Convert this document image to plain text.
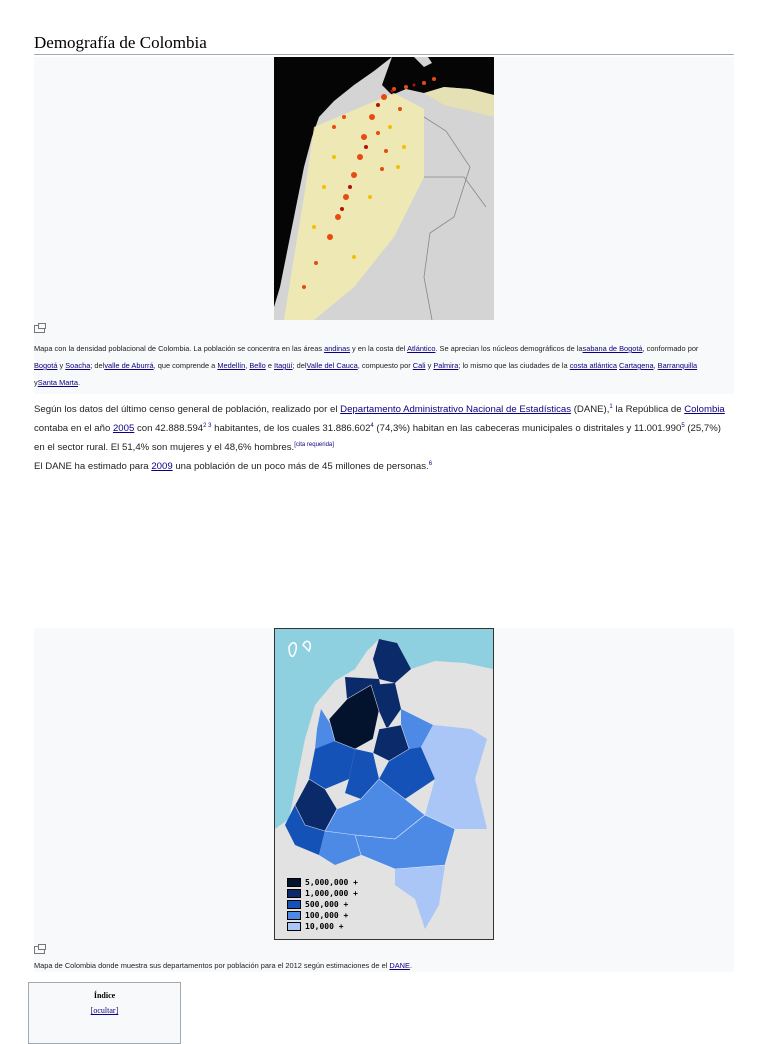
Demografía de Colombia
Mapa con la densidad poblacional de Colombia. La población se concentra en las áreas andinas y en la costa del Atlántico. Se aprecian los núcleos demográficos de lasabana de Bogotá, conformado por Bogotá y Soacha; delvalle de Aburrá, que comprende a Medellín, Bello e Itagüí; delValle del Cauca, compuesto por Cali y Palmira; lo mismo que las ciudades de la costa atlántica Cartagena, Barranquilla ySanta Marta.
Según los datos del último censo general de población, realizado por el Departamento Administrativo Nacional de Estadísticas (DANE),$^1$ la República de Colombia contaba en el año 2005 con $42.888.594^{2 3}$ habitantes, de los cuales 31.886.602$^4$ (74,3%) habitan en las cabeceras municipales o distritales y 11.001.990$^5$ (25,7%) en el sector rural. El 51,4% son mujeres y el 48,6% hombres.[cita requerida]
El DANE ha estimado para 2009 una población de un poco más de 45 millones de personas.$^6$
5,000,000 +
1,000,000 +
500,000 +
100,000 +
10,000 +
Mapa de Colombia donde muestra sus departamentos por población para el 2012 según estimaciones de el DANE.
Índice
[ocultar]
